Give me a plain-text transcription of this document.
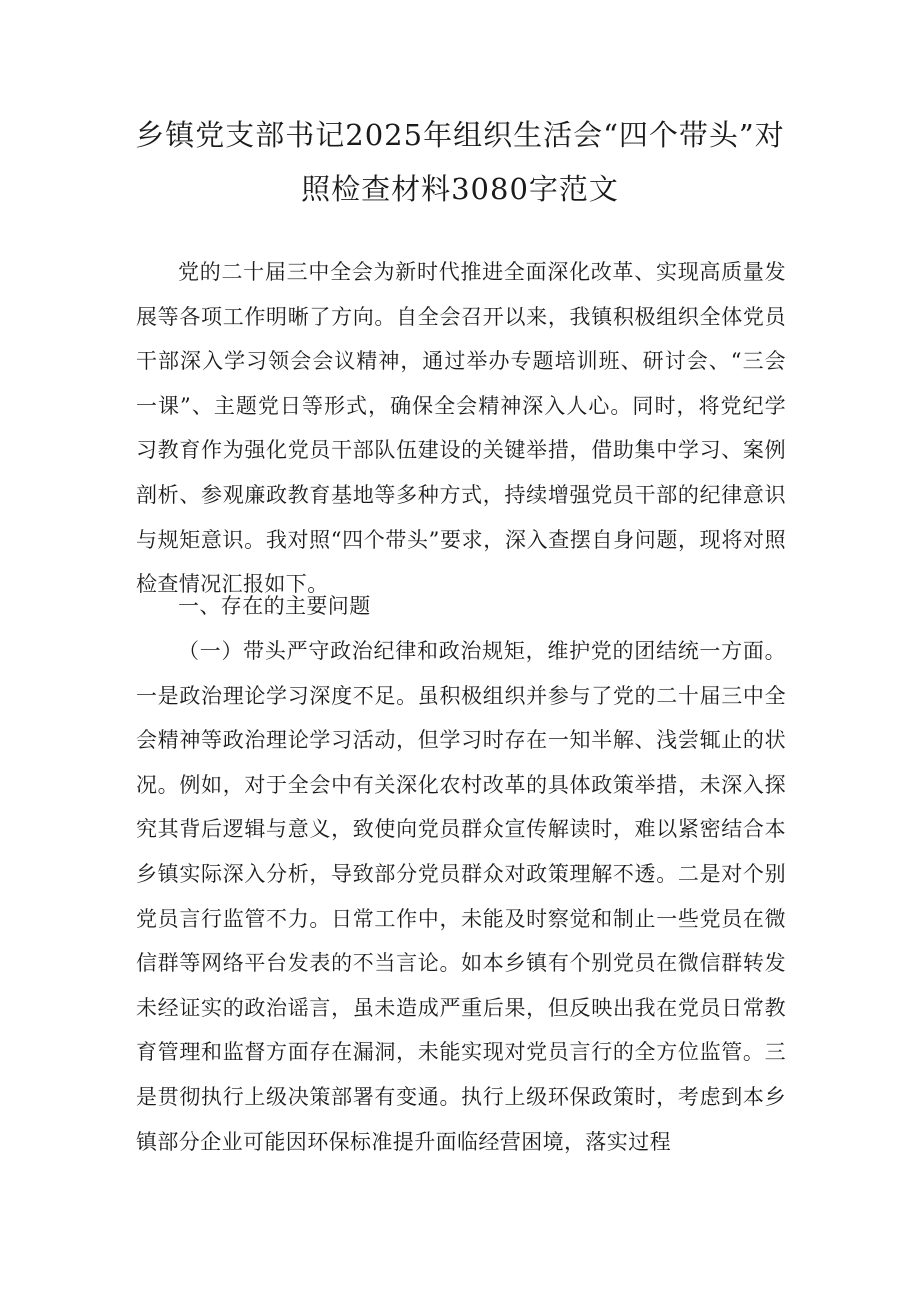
乡镇党支部书记2025年组织生活会“四个带头”对
照检查材料3080字范文

党的二十届三中全会为新时代推进全面深化改革、实现高质量发展等各项工作明晰了方向。自全会召开以来，我镇积极组织全体党员干部深入学习领会会议精神，通过举办专题培训班、研讨会、“三会一课”、主题党日等形式，确保全会精神深入人心。同时，将党纪学习教育作为强化党员干部队伍建设的关键举措，借助集中学习、案例剖析、参观廉政教育基地等多种方式，持续增强党员干部的纪律意识与规矩意识。我对照“四个带头”要求，深入查摆自身问题，现将对照检查情况汇报如下。

一、存在的主要问题

（一）带头严守政治纪律和政治规矩，维护党的团结统一方面。一是政治理论学习深度不足。虽积极组织并参与了党的二十届三中全会精神等政治理论学习活动，但学习时存在一知半解、浅尝辄止的状况。例如，对于全会中有关深化农村改革的具体政策举措，未深入探究其背后逻辑与意义，致使向党员群众宣传解读时，难以紧密结合本乡镇实际深入分析，导致部分党员群众对政策理解不透。二是对个别党员言行监管不力。日常工作中，未能及时察觉和制止一些党员在微信群等网络平台发表的不当言论。如本乡镇有个别党员在微信群转发未经证实的政治谣言，虽未造成严重后果，但反映出我在党员日常教育管理和监督方面存在漏洞，未能实现对党员言行的全方位监管。三是贯彻执行上级决策部署有变通。执行上级环保政策时，考虑到本乡镇部分企业可能因环保标准提升面临经营困境，落实过程
